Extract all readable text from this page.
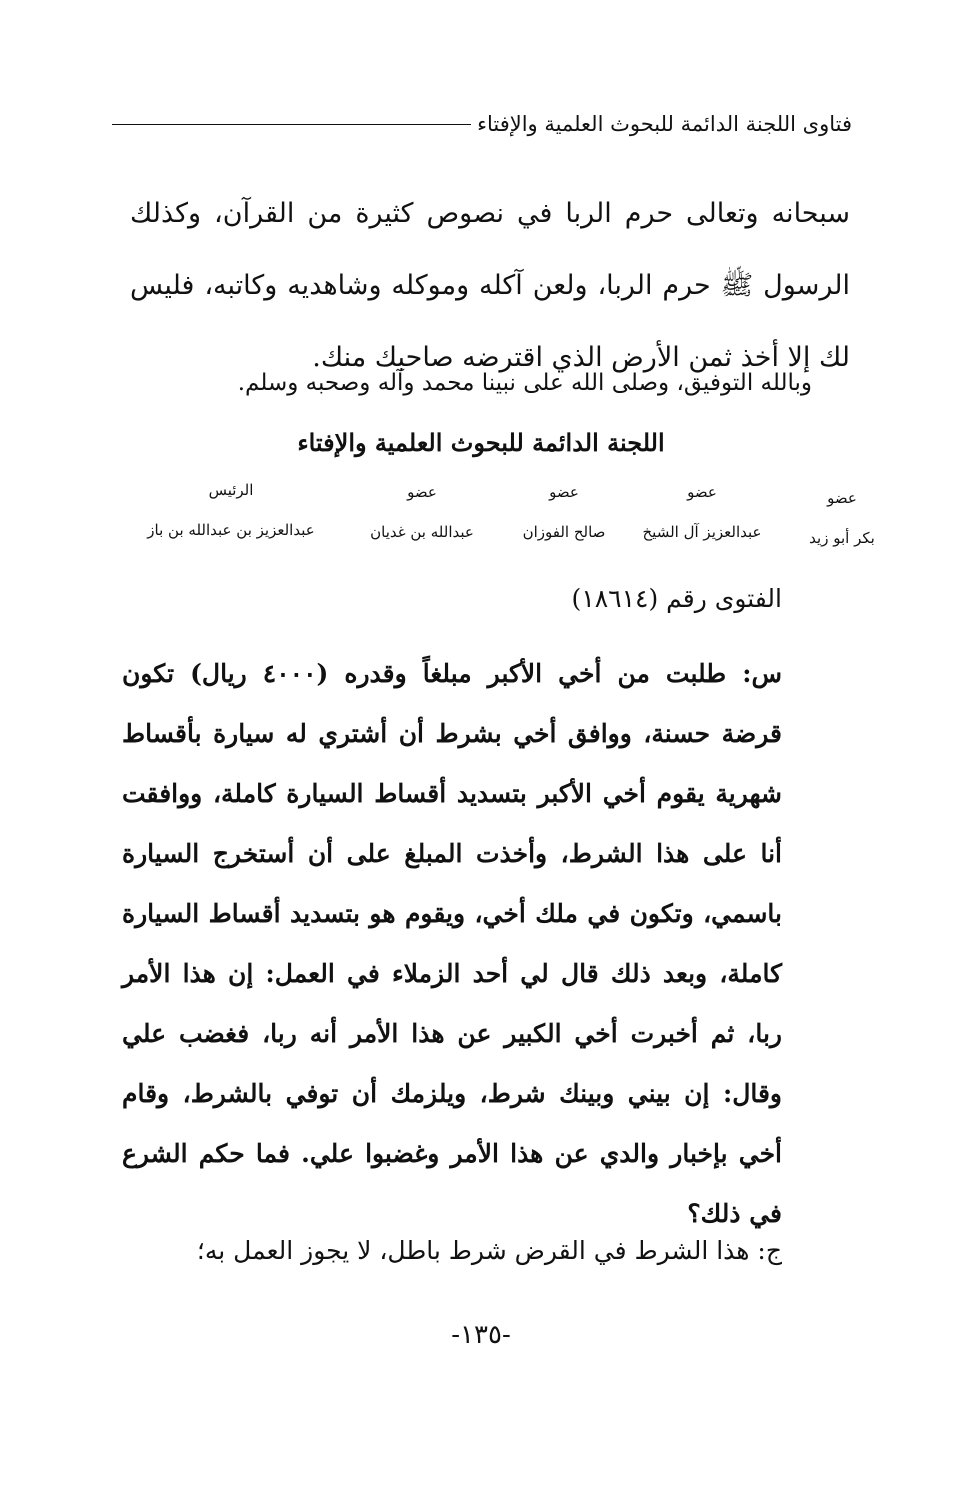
فتاوى اللجنة الدائمة للبحوث العلمية والإفتاء

سبحانه وتعالى حرم الربا في نصوص كثيرة من القرآن، وكذلك الرسول ﷺ حرم الربا، ولعن آكله وموكله وشاهديه وكاتبه، فليس لك إلا أخذ ثمن الأرض الذي اقترضه صاحبك منك.

وبالله التوفيق، وصلى الله على نبينا محمد وآله وصحبه وسلم.
اللجنة الدائمة للبحوث العلمية والإفتاء
عضو
بكر أبو زيد
عضو
عبدالعزيز آل الشيخ
عضو
صالح الفوزان
عضو
عبدالله بن غديان
الرئيس
عبدالعزيز بن عبدالله بن باز
الفتوى رقم (١٨٦١٤)

س: طلبت من أخي الأكبر مبلغاً وقدره (٤٠٠٠ ريال) تكون قرضة حسنة، ووافق أخي بشرط أن أشتري له سيارة بأقساط شهرية يقوم أخي الأكبر بتسديد أقساط السيارة كاملة، ووافقت أنا على هذا الشرط، وأخذت المبلغ على أن أستخرج السيارة باسمي، وتكون في ملك أخي، ويقوم هو بتسديد أقساط السيارة كاملة، وبعد ذلك قال لي أحد الزملاء في العمل: إن هذا الأمر ربا، ثم أخبرت أخي الكبير عن هذا الأمر أنه ربا، فغضب علي وقال: إن بيني وبينك شرط، ويلزمك أن توفي بالشرط، وقام أخي بإخبار والدي عن هذا الأمر وغضبوا علي. فما حكم الشرع في ذلك؟

ج: هذا الشرط في القرض شرط باطل، لا يجوز العمل به؛
-١٣٥-
